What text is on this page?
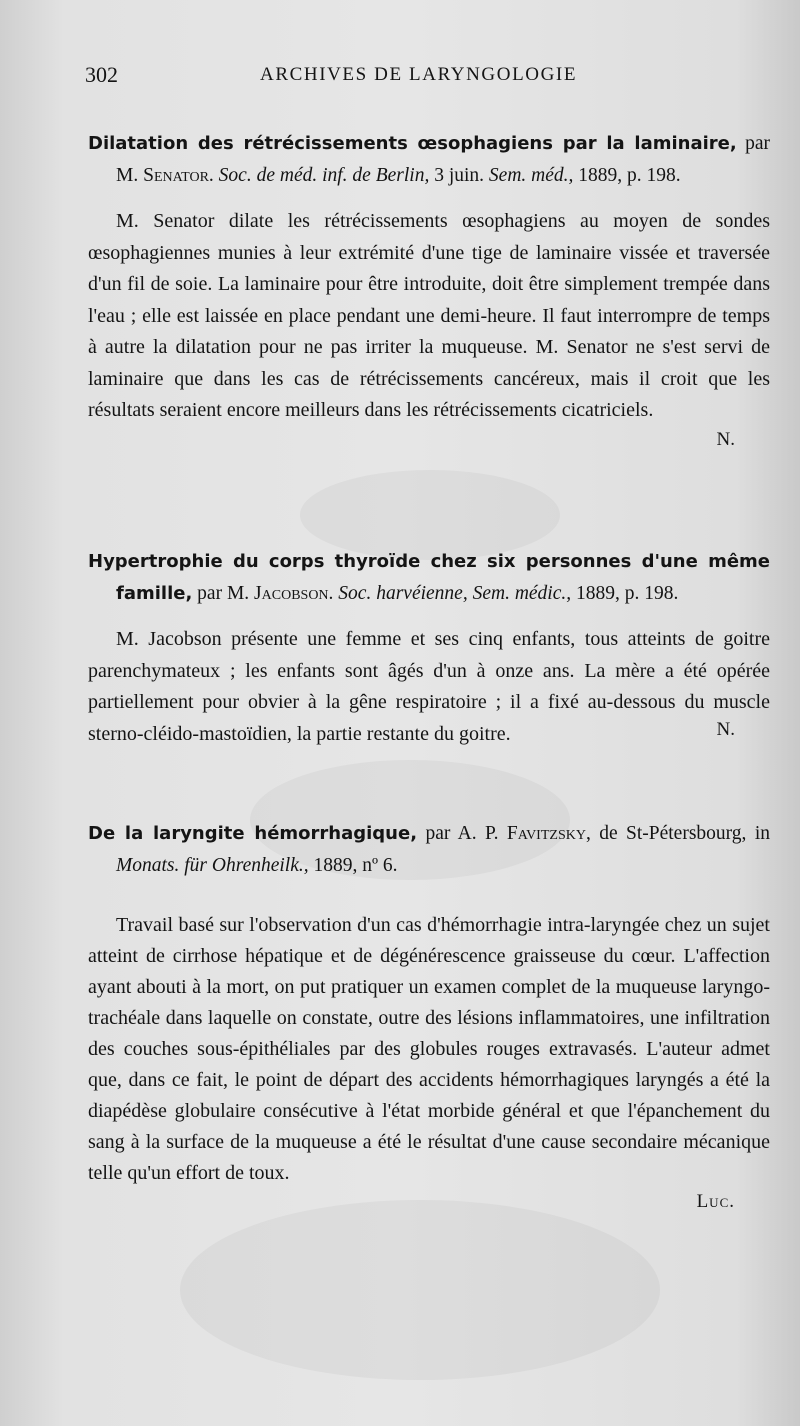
302	ARCHIVES DE LARYNGOLOGIE
Dilatation des rétrécissements œsophagiens par la laminaire, par M. Senator. Soc. de méd. inf. de Berlin, 3 juin. Sem. méd., 1889, p. 198.
M. Senator dilate les rétrécissements œsophagiens au moyen de sondes œsophagiennes munies à leur extrémité d'une tige de laminaire vissée et traversée d'un fil de soie. La laminaire pour être introduite, doit être simplement trempée dans l'eau ; elle est laissée en place pendant une demi-heure. Il faut interrompre de temps à autre la dilatation pour ne pas irriter la muqueuse. M. Senator ne s'est servi de laminaire que dans les cas de rétrécissements cancéreux, mais il croit que les résultats seraient encore meilleurs dans les rétrécissements cicatriciels.
N.
Hypertrophie du corps thyroïde chez six personnes d'une même famille, par M. Jacobson. Soc. harvéienne, Sem. médic., 1889, p. 198.
M. Jacobson présente une femme et ses cinq enfants, tous atteints de goitre parenchymateux ; les enfants sont âgés d'un à onze ans. La mère a été opérée partiellement pour obvier à la gêne respiratoire ; il a fixé au-dessous du muscle sterno-cléido-mastoïdien, la partie restante du goitre.	N.
De la laryngite hémorrhagique, par A. P. Favitzsky, de St-Pétersbourg, in Monats. für Ohrenheilk., 1889, nº 6.
Travail basé sur l'observation d'un cas d'hémorrhagie intra-laryngée chez un sujet atteint de cirrhose hépatique et de dégénérescence graisseuse du cœur. L'affection ayant abouti à la mort, on put pratiquer un examen complet de la muqueuse laryngo-trachéale dans laquelle on constate, outre des lésions inflammatoires, une infiltration des couches sous-épithéliales par des globules rouges extravasés. L'auteur admet que, dans ce fait, le point de départ des accidents hémorrhagiques laryngés a été la diapédèse globulaire consécutive à l'état morbide général et que l'épanchement du sang à la surface de la muqueuse a été le résultat d'une cause secondaire mécanique telle qu'un effort de toux.
Luc.
